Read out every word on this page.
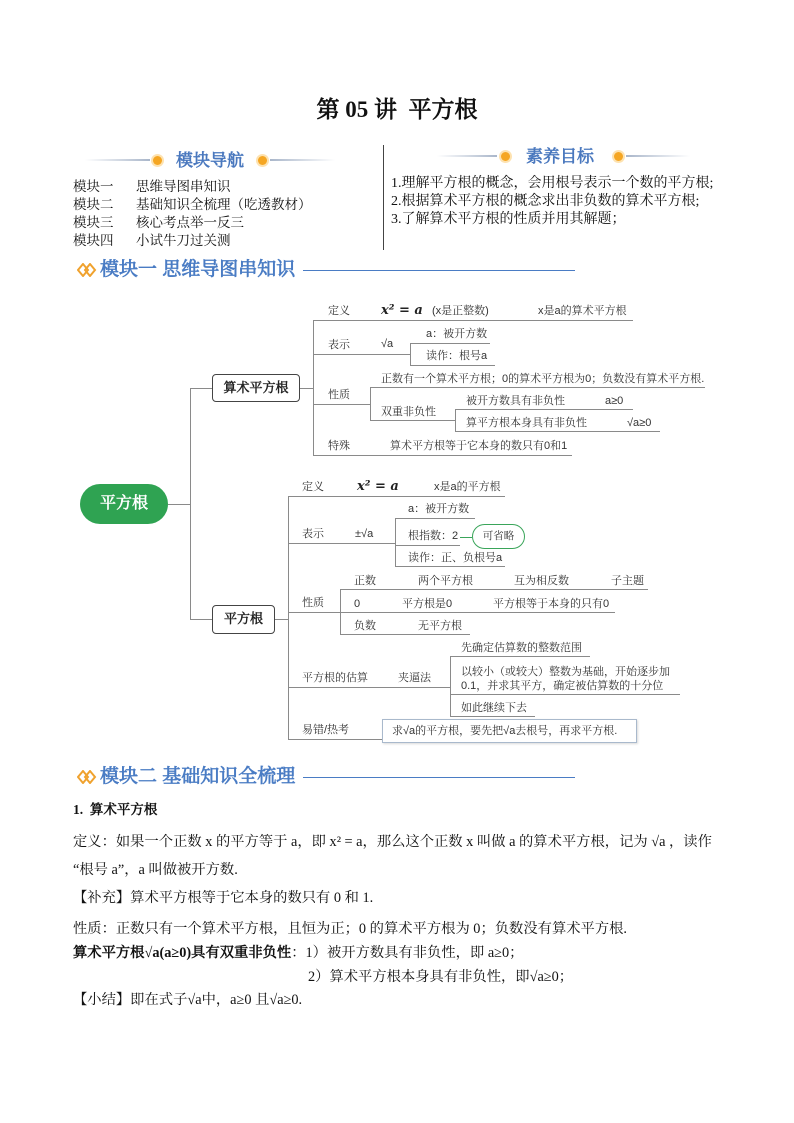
第 05 讲  平方根
模块导航
模块一 思维导图串知识
模块二 基础知识全梳理（吃透教材）
模块三 核心考点举一反三
模块四 小试牛刀过关测
素养目标
1.理解平方根的概念，会用根号表示一个数的平方根;
2.根据算术平方根的概念求出非负数的算术平方根;
3.了解算术平方根的性质并用其解题；
模块一 思维导图串知识
平方根
算术平方根
定义 x² = a (x是正整数)	x是a的算术平方根
表示	√a
a：被开方数
读作：根号a
性质
正数有一个算术平方根；0的算术平方根为0；负数没有算术平方根.
双重非负性
被开方数具有非负性	a≥0
算平方根本身具有非负性	√a≥0
特殊	算术平方根等于它本身的数只有0和1
平方根
定义	x² = a	x是a的平方根
表示	±√a
a：被开方数
根指数：2	可省略
读作：正、负根号a
性质
正数	两个平方根	互为相反数	子主题
0	平方根是0	平方根等于本身的只有0
负数	无平方根
平方根的估算	夹逼法
先确定估算数的整数范围
以较小（或较大）整数为基础，开始逐步加
0.1，并求其平方，确定被估算数的十分位
如此继续下去
易错/热考	求√a的平方根，要先把√a去根号，再求平方根.
模块二 基础知识全梳理
1.  算术平方根
定义：如果一个正数 x 的平方等于 a，即 x² = a，那么这个正数 x 叫做 a 的算术平方根，记为 √a ，读作
“根号 a”，a 叫做被开方数.
【补充】算术平方根等于它本身的数只有 0 和 1.
性质：正数只有一个算术平方根，且恒为正；0 的算术平方根为 0；负数没有算术平方根.
算术平方根√a(a≥0)具有双重非负性：1）被开方数具有非负性，即 a≥0；
2）算术平方根本身具有非负性，即√a≥0；
【小结】即在式子√a中，a≥0 且√a≥0.
